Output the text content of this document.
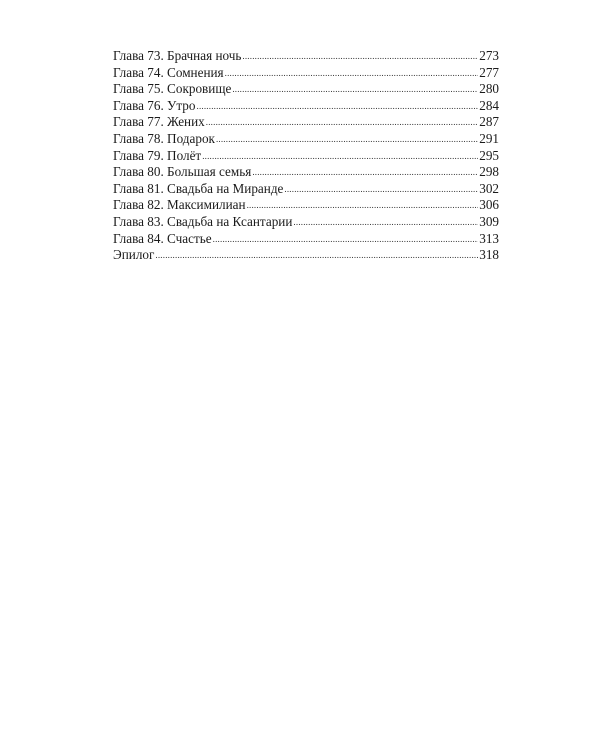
Глава 73. Брачная ночь .....	273
Глава 74. Сомнения .....	277
Глава 75. Сокровище .....	280
Глава 76. Утро .....	284
Глава 77. Жених .....	287
Глава 78. Подарок .....	291
Глава 79. Полёт .....	295
Глава 80. Большая семья .....	298
Глава 81. Свадьба на Миранде .....	302
Глава 82. Максимилиан .....	306
Глава 83. Свадьба на Ксантарии .....	309
Глава 84. Счастье .....	313
Эпилог .....	318
